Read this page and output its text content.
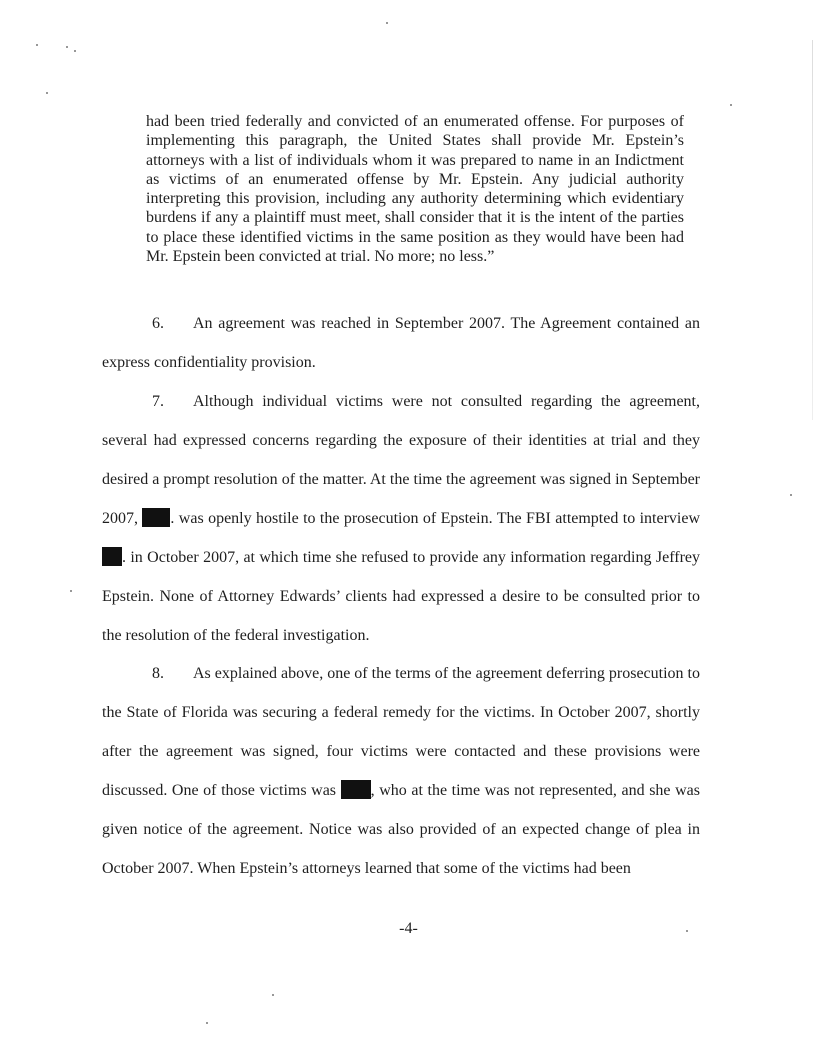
had been tried federally and convicted of an enumerated offense. For purposes of implementing this paragraph, the United States shall provide Mr. Epstein’s attorneys with a list of individuals whom it was prepared to name in an Indictment as victims of an enumerated offense by Mr. Epstein. Any judicial authority interpreting this provision, including any authority determining which evidentiary burdens if any a plaintiff must meet, shall consider that it is the intent of the parties to place these identified victims in the same position as they would have been had Mr. Epstein been convicted at trial. No more; no less.”

6. An agreement was reached in September 2007. The Agreement contained an express confidentiality provision.

7. Although individual victims were not consulted regarding the agreement, several had expressed concerns regarding the exposure of their identities at trial and they desired a prompt resolution of the matter. At the time the agreement was signed in September 2007, . was openly hostile to the prosecution of Epstein. The FBI attempted to interview . in October 2007, at which time she refused to provide any information regarding Jeffrey Epstein. None of Attorney Edwards’ clients had expressed a desire to be consulted prior to the resolution of the federal investigation.

8. As explained above, one of the terms of the agreement deferring prosecution to the State of Florida was securing a federal remedy for the victims. In October 2007, shortly after the agreement was signed, four victims were contacted and these provisions were discussed. One of those victims was , who at the time was not represented, and she was given notice of the agreement. Notice was also provided of an expected change of plea in October 2007. When Epstein’s attorneys learned that some of the victims had been

-4-
